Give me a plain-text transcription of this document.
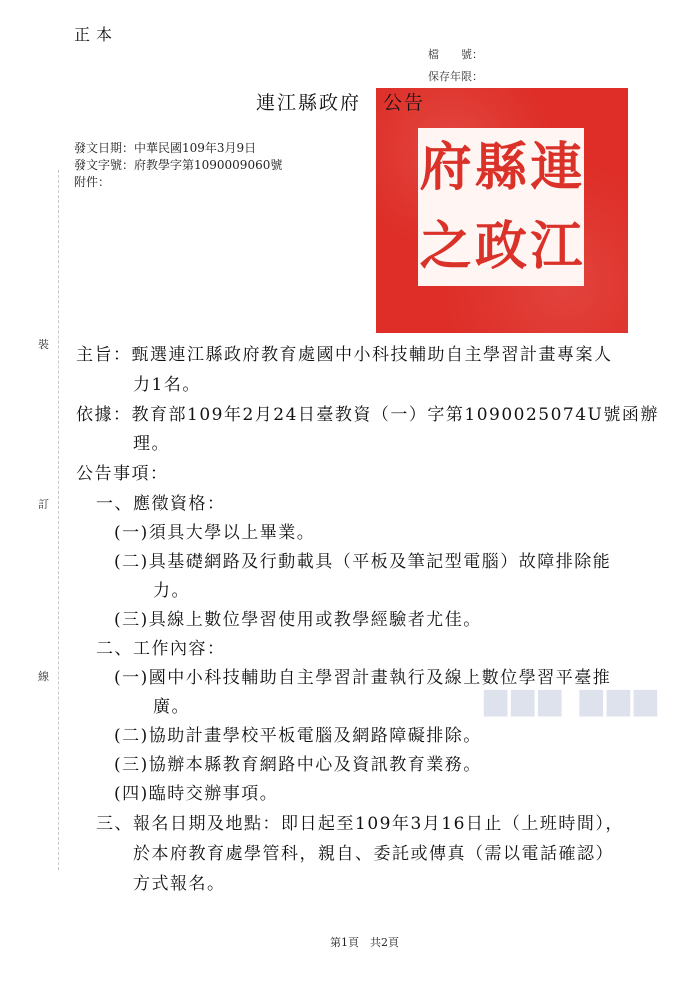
正本
檔　　號：
保存年限：
府 縣 連
之 政 江
連江縣政府 公告
發文日期：中華民國109年3月9日
發文字號：府教學字第1090009060號
附件：
裝
訂
線
▆▆▆ ▆▆▆
主旨：甄選連江縣政府教育處國中小科技輔助自主學習計畫專案人
力1名。
依據：教育部109年2月24日臺教資（一）字第1090025074U號函辦
理。
公告事項：
一、應徵資格：
(一)須具大學以上畢業。
(二)具基礎網路及行動載具（平板及筆記型電腦）故障排除能
力。
(三)具線上數位學習使用或教學經驗者尤佳。
二、工作內容：
(一)國中小科技輔助自主學習計畫執行及線上數位學習平臺推
廣。
(二)協助計畫學校平板電腦及網路障礙排除。
(三)協辦本縣教育網路中心及資訊教育業務。
(四)臨時交辦事項。
三、報名日期及地點：即日起至109年3月16日止（上班時間），
於本府教育處學管科，親自、委託或傳真（需以電話確認）
方式報名。
第1頁　共2頁
